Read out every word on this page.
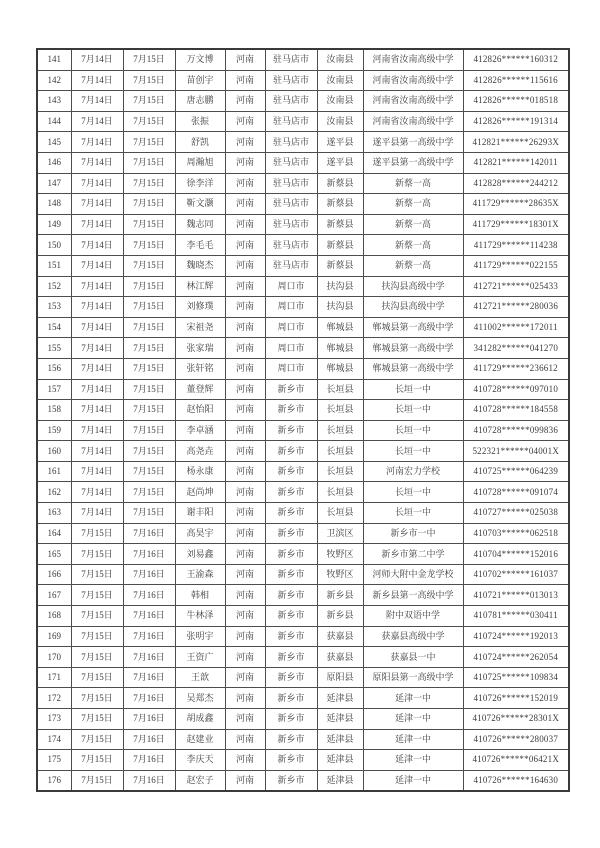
141	7月14日	7月15日	万文博	河南	驻马店市	汝南县	河南省汝南高级中学	412826******160312
142	7月14日	7月15日	苗创宇	河南	驻马店市	汝南县	河南省汝南高级中学	412826******115616
143	7月14日	7月15日	唐志鹏	河南	驻马店市	汝南县	河南省汝南高级中学	412826******018518
144	7月14日	7月15日	张振	河南	驻马店市	汝南县	河南省汝南高级中学	412826******191314
145	7月14日	7月15日	舒凯	河南	驻马店市	遂平县	遂平县第一高级中学	412821******26293X
146	7月14日	7月15日	周瀚旭	河南	驻马店市	遂平县	遂平县第一高级中学	412821******142011
147	7月14日	7月15日	徐李洋	河南	驻马店市	新蔡县	新蔡一高	412828******244212
148	7月14日	7月15日	靳文灏	河南	驻马店市	新蔡县	新蔡一高	411729******28635X
149	7月14日	7月15日	魏志同	河南	驻马店市	新蔡县	新蔡一高	411729******18301X
150	7月14日	7月15日	李毛毛	河南	驻马店市	新蔡县	新蔡一高	411729******114238
151	7月14日	7月15日	魏晓杰	河南	驻马店市	新蔡县	新蔡一高	411729******022155
152	7月14日	7月15日	林江辉	河南	周口市	扶沟县	扶沟县高级中学	412721******025433
153	7月14日	7月15日	刘修璞	河南	周口市	扶沟县	扶沟县高级中学	412721******280036
154	7月14日	7月15日	宋祖尧	河南	周口市	郸城县	郸城县第一高级中学	411002******172011
155	7月14日	7月15日	张家瑞	河南	周口市	郸城县	郸城县第一高级中学	341282******041270
156	7月14日	7月15日	张轩铭	河南	周口市	郸城县	郸城县第一高级中学	411729******236612
157	7月14日	7月15日	董登辉	河南	新乡市	长垣县	长垣一中	410728******097010
158	7月14日	7月15日	赵怡阳	河南	新乡市	长垣县	长垣一中	410728******184558
159	7月14日	7月15日	李卓涵	河南	新乡市	长垣县	长垣一中	410728******099836
160	7月14日	7月15日	高尧垚	河南	新乡市	长垣县	长垣一中	522321******04001X
161	7月14日	7月15日	杨永康	河南	新乡市	长垣县	河南宏力学校	410725******064239
162	7月14日	7月15日	赵尚坤	河南	新乡市	长垣县	长垣一中	410728******091074
163	7月14日	7月15日	谢丰阳	河南	新乡市	长垣县	长垣一中	410727******025038
164	7月15日	7月16日	高昊宇	河南	新乡市	卫滨区	新乡市一中	410703******062518
165	7月15日	7月16日	刘易鑫	河南	新乡市	牧野区	新乡市第二中学	410704******152016
166	7月15日	7月16日	王渝森	河南	新乡市	牧野区	河师大附中金龙学校	410702******161037
167	7月15日	7月16日	韩相	河南	新乡市	新乡县	新乡县第一高级中学	410721******013013
168	7月15日	7月16日	牛林泽	河南	新乡市	新乡县	附中双语中学	410781******030411
169	7月15日	7月16日	张明宇	河南	新乡市	获嘉县	获嘉县高级中学	410724******192013
170	7月15日	7月16日	王资广	河南	新乡市	获嘉县	获嘉县一中	410724******262054
171	7月15日	7月16日	王歆	河南	新乡市	原阳县	原阳县第一高级中学	410725******109834
172	7月15日	7月16日	吴郑杰	河南	新乡市	延津县	延津一中	410726******152019
173	7月15日	7月16日	胡成鑫	河南	新乡市	延津县	延津一中	410726******28301X
174	7月15日	7月16日	赵建业	河南	新乡市	延津县	延津一中	410726******280037
175	7月15日	7月16日	李庆天	河南	新乡市	延津县	延津一中	410726******06421X
176	7月15日	7月16日	赵宏子	河南	新乡市	延津县	延津一中	410726******164630
